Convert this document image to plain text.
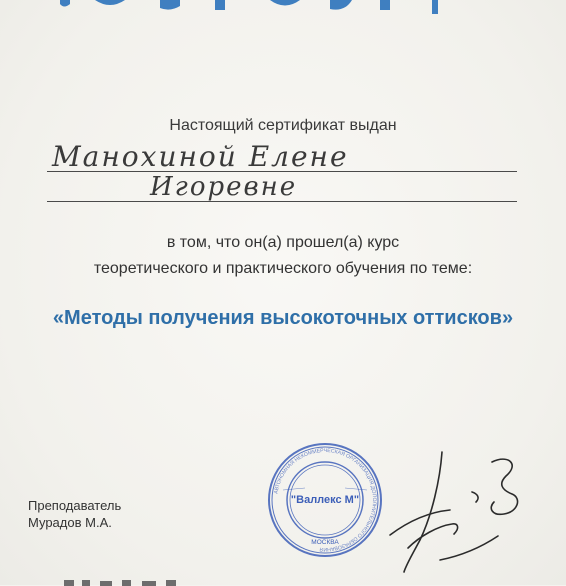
Настоящий сертификат выдан
Манохиной Елене
Игоревне
в том, что он(а) прошел(а) курс
теоретического и практического обучения по теме:
«Методы получения высокоточных оттисков»
Преподаватель
Мурадов М.А.
АВТОНОМНАЯ НЕКОММЕРЧЕСКАЯ ОРГАНИЗАЦИЯ ДОПОЛНИТЕЛЬНОГО ОБРАЗОВАНИЯ
"Валлекс М"
МОСКВА
